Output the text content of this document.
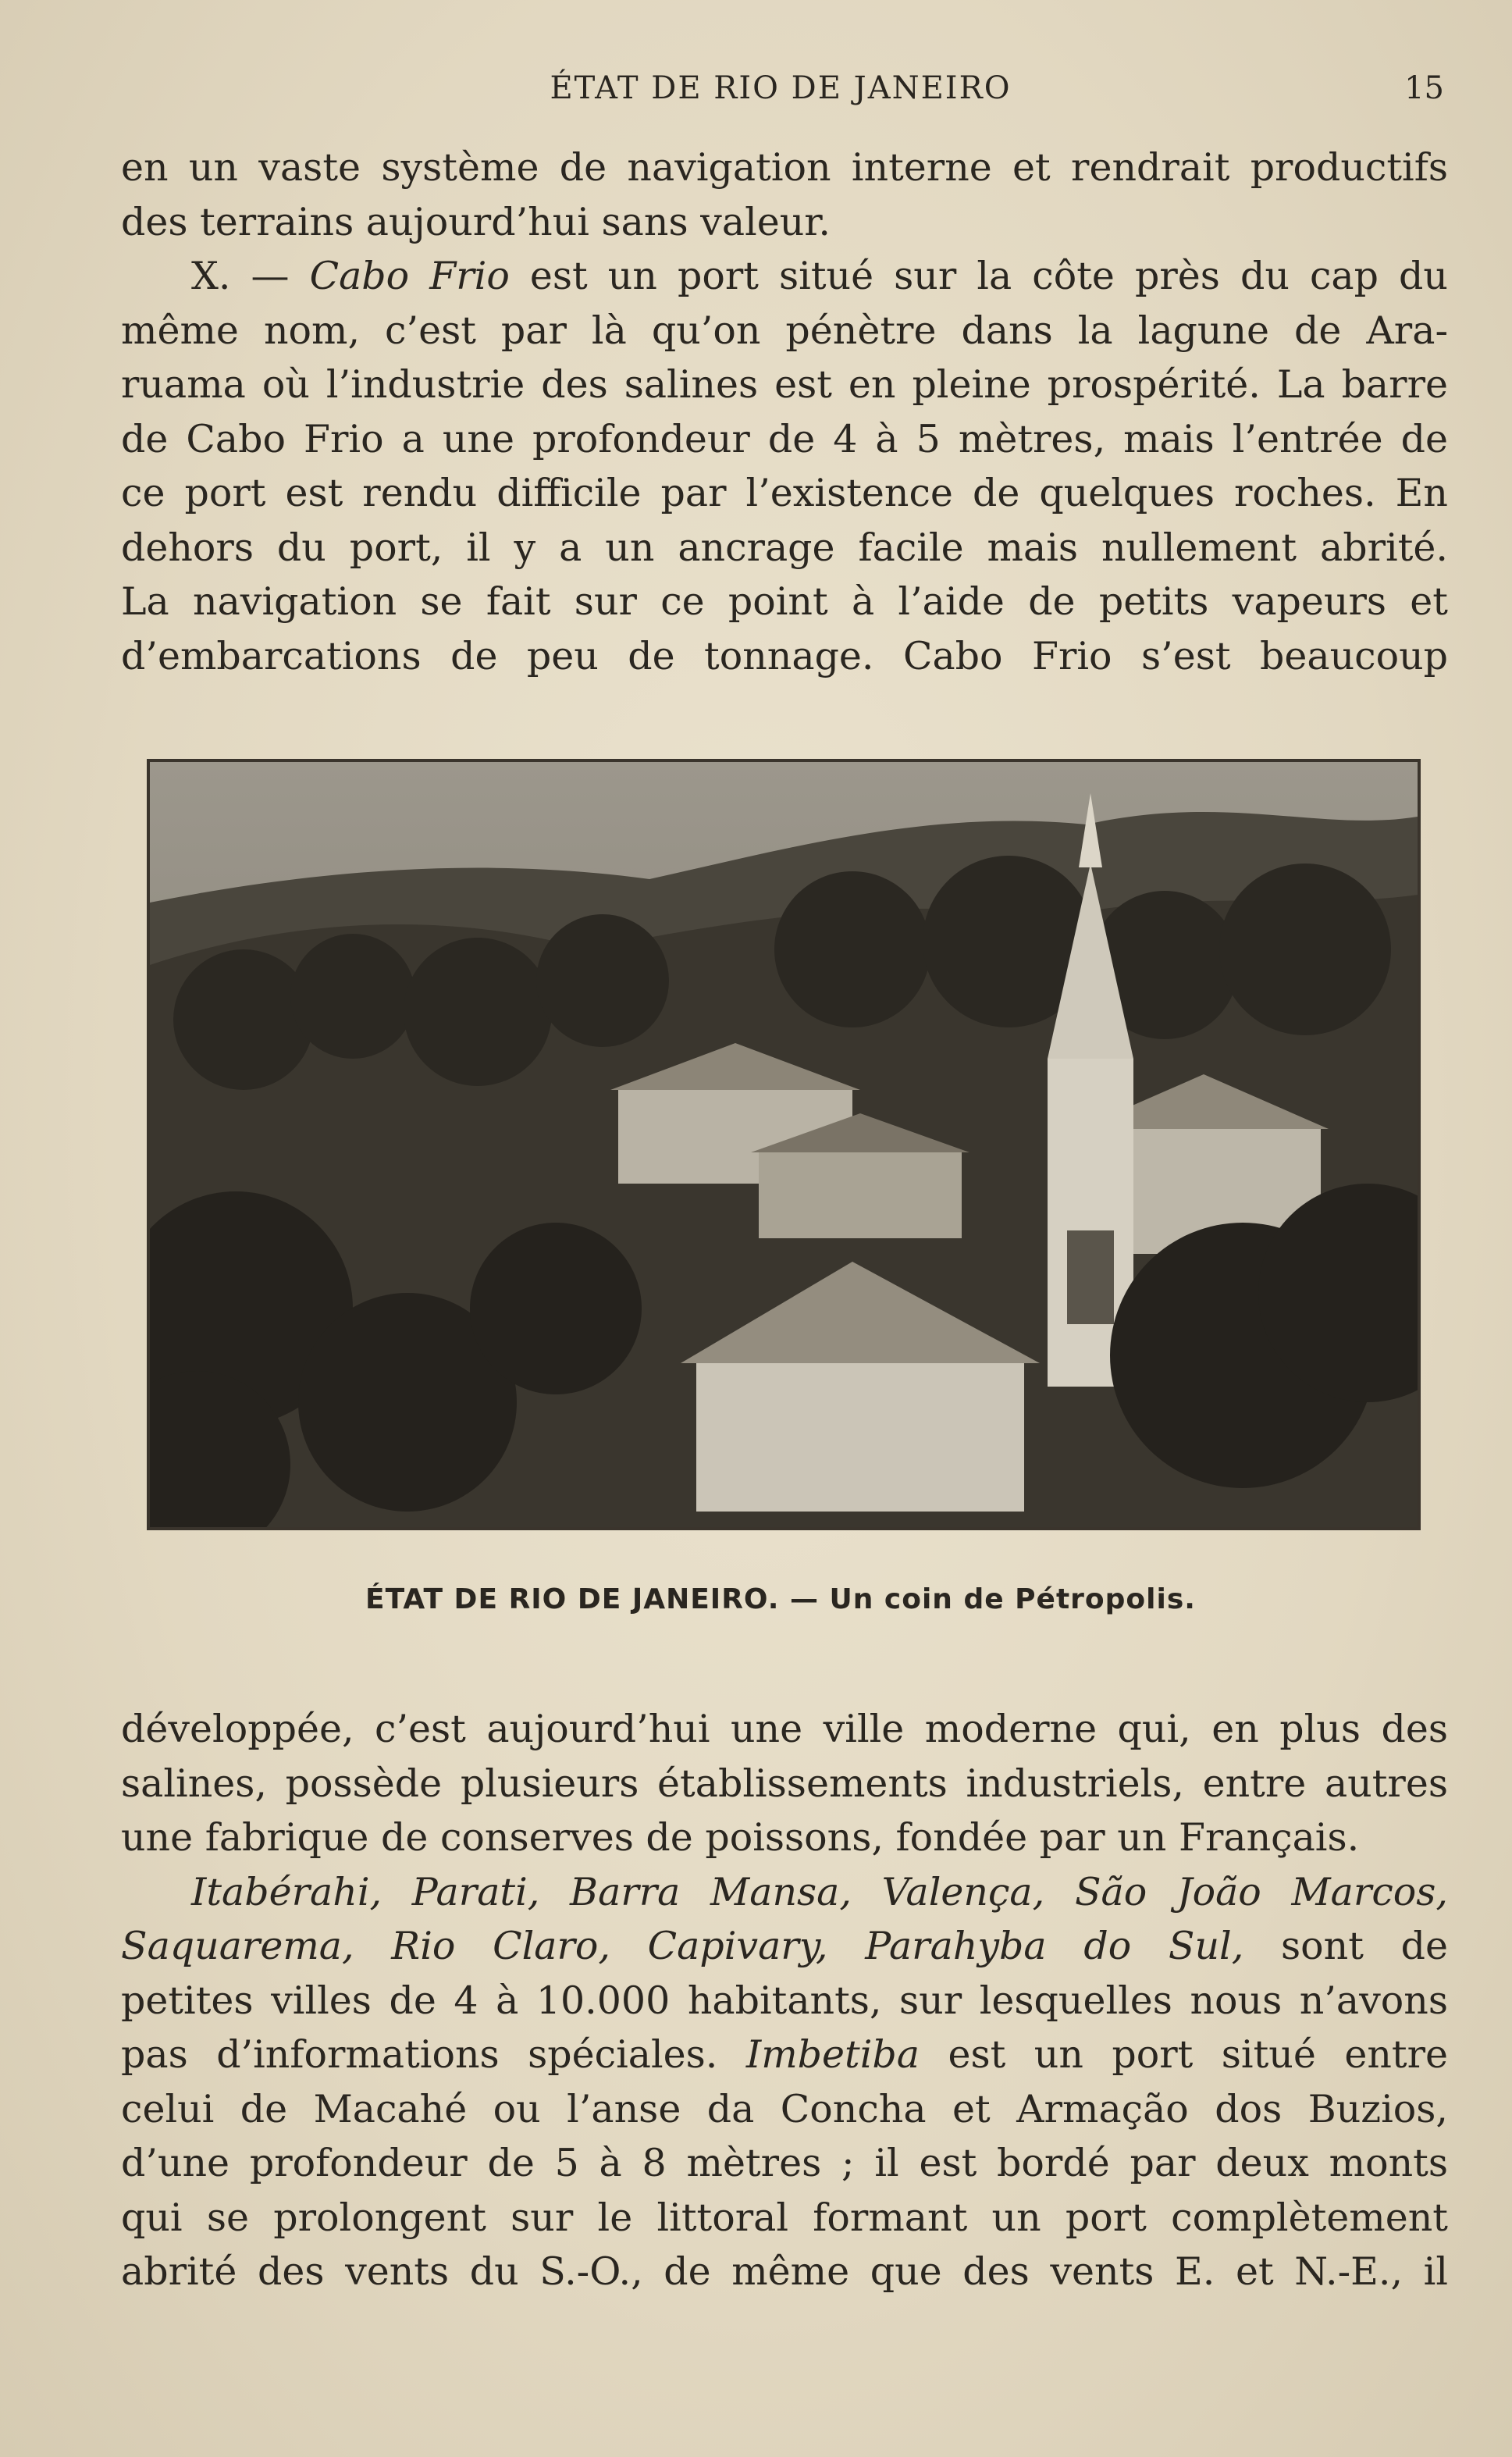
ÉTAT DE RIO DE JANEIRO	15

en un vaste système de navigation interne et rendrait productifs
des terrains aujourd’hui sans valeur.

X. — Cabo Frio est un port situé sur la côte près du cap du
même nom, c’est par là qu’on pénètre dans la lagune de Ara-
ruama où l’industrie des salines est en pleine prospérité. La barre
de Cabo Frio a une profondeur de 4 à 5 mètres, mais l’entrée de
ce port est rendu difficile par l’existence de quelques roches. En
dehors du port, il y a un ancrage facile mais nullement abrité.
La navigation se fait sur ce point à l’aide de petits vapeurs et
d’embarcations de peu de tonnage. Cabo Frio s’est beaucoup

ÉTAT DE RIO DE JANEIRO. — Un coin de Pétropolis.

développée, c’est aujourd’hui une ville moderne qui, en plus des
salines, possède plusieurs établissements industriels, entre autres
une fabrique de conserves de poissons, fondée par un Français.

Itabérahi, Parati, Barra Mansa, Valença, São João Marcos,
Saquarema, Rio Claro, Capivary, Parahyba do Sul, sont de
petites villes de 4 à 10.000 habitants, sur lesquelles nous n’avons
pas d’informations spéciales. Imbetiba est un port situé entre
celui de Macahé ou l’anse da Concha et Armação dos Buzios,
d’une profondeur de 5 à 8 mètres ; il est bordé par deux monts
qui se prolongent sur le littoral formant un port complètement
abrité des vents du S.-O., de même que des vents E. et N.-E., il
